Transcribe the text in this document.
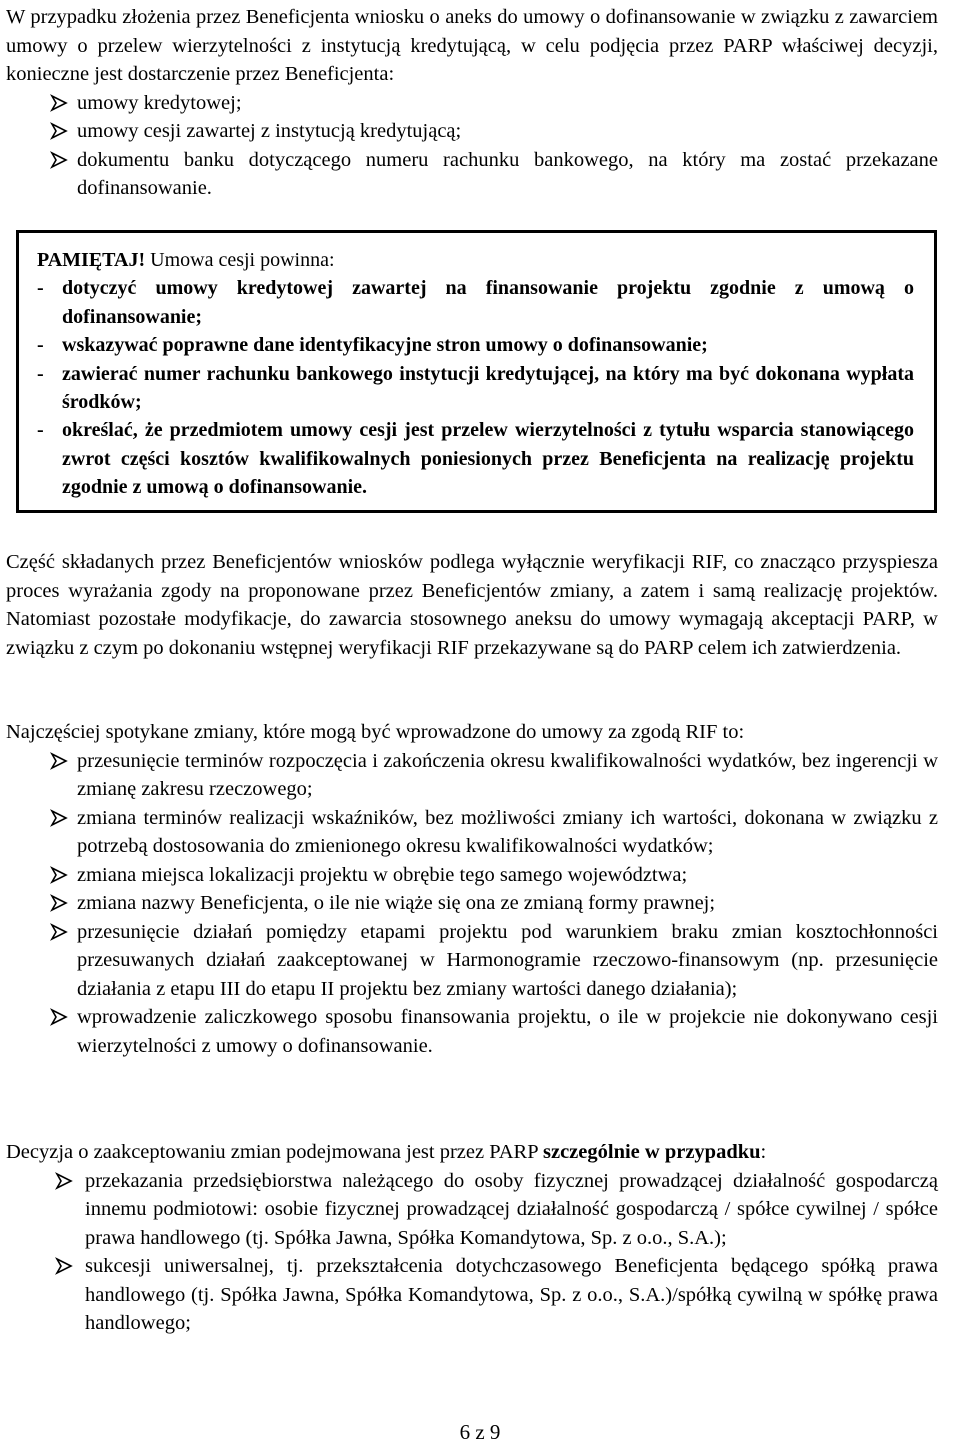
W przypadku złożenia przez Beneficjenta wniosku o aneks do umowy o dofinansowanie w związku z zawarciem umowy o przelew wierzytelności z instytucją kredytującą, w celu podjęcia przez PARP właściwej decyzji, konieczne jest dostarczenie przez Beneficjenta:

umowy kredytowej;
umowy cesji zawartej z instytucją kredytującą;
dokumentu banku dotyczącego numeru rachunku bankowego, na który ma zostać przekazane dofinansowanie.
PAMIĘTAJ! Umowa cesji powinna:
- dotyczyć umowy kredytowej zawartej na finansowanie projektu zgodnie z umową o dofinansowanie;
- wskazywać poprawne dane identyfikacyjne stron umowy o dofinansowanie;
- zawierać numer rachunku bankowego instytucji kredytującej, na który ma być dokonana wypłata środków;
- określać, że przedmiotem umowy cesji jest przelew wierzytelności z tytułu wsparcia stanowiącego zwrot części kosztów kwalifikowalnych poniesionych przez Beneficjenta na realizację projektu zgodnie z umową o dofinansowanie.

Część składanych przez Beneficjentów wniosków podlega wyłącznie weryfikacji RIF, co znacząco przyspiesza proces wyrażania zgody na proponowane przez Beneficjentów zmiany, a zatem i samą realizację projektów. Natomiast pozostałe modyfikacje, do zawarcia stosownego aneksu do umowy wymagają akceptacji PARP, w związku z czym po dokonaniu wstępnej weryfikacji RIF przekazywane są do PARP celem ich zatwierdzenia.

Najczęściej spotykane zmiany, które mogą być wprowadzone do umowy za zgodą RIF to:

przesunięcie terminów rozpoczęcia i zakończenia okresu kwalifikowalności wydatków, bez ingerencji w zmianę zakresu rzeczowego;
zmiana terminów realizacji wskaźników, bez możliwości zmiany ich wartości, dokonana w związku z potrzebą dostosowania do zmienionego okresu kwalifikowalności wydatków;
zmiana miejsca lokalizacji projektu w obrębie tego samego województwa;
zmiana nazwy Beneficjenta, o ile nie wiąże się ona ze zmianą formy prawnej;
przesunięcie działań pomiędzy etapami projektu pod warunkiem braku zmian kosztochłonności przesuwanych działań zaakceptowanej w Harmonogramie rzeczowo-finansowym (np. przesunięcie działania z etapu III do etapu II projektu bez zmiany wartości danego działania);
wprowadzenie zaliczkowego sposobu finansowania projektu, o ile w projekcie nie dokonywano cesji wierzytelności z umowy o dofinansowanie.

Decyzja o zaakceptowaniu zmian podejmowana jest przez PARP szczególnie w przypadku:

przekazania przedsiębiorstwa należącego do osoby fizycznej prowadzącej działalność gospodarczą innemu podmiotowi: osobie fizycznej prowadzącej działalność gospodarczą / spółce cywilnej / spółce prawa handlowego (tj. Spółka Jawna, Spółka Komandytowa, Sp. z o.o., S.A.);
sukcesji uniwersalnej, tj. przekształcenia dotychczasowego Beneficjenta będącego spółką prawa handlowego (tj. Spółka Jawna, Spółka Komandytowa, Sp. z o.o., S.A.)/spółką cywilną w spółkę prawa handlowego;
6 z 9
